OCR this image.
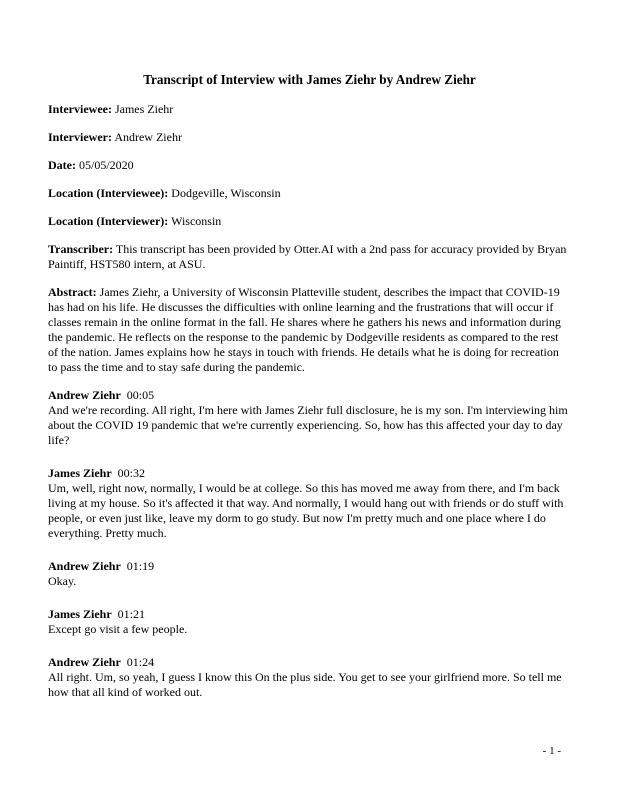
Transcript of Interview with James Ziehr by Andrew Ziehr

Interviewee: James Ziehr

Interviewer: Andrew Ziehr

Date: 05/05/2020

Location (Interviewee): Dodgeville, Wisconsin

Location (Interviewer): Wisconsin

Transcriber: This transcript has been provided by Otter.AI with a 2nd pass for accuracy provided by Bryan Paintiff, HST580 intern, at ASU.

Abstract: James Ziehr, a University of Wisconsin Platteville student, describes the impact that COVID-19 has had on his life. He discusses the difficulties with online learning and the frustrations that will occur if classes remain in the online format in the fall. He shares where he gathers his news and information during the pandemic. He reflects on the response to the pandemic by Dodgeville residents as compared to the rest of the nation. James explains how he stays in touch with friends. He details what he is doing for recreation to pass the time and to stay safe during the pandemic.

Andrew Ziehr 00:05
And we're recording. All right, I'm here with James Ziehr full disclosure, he is my son. I'm interviewing him about the COVID 19 pandemic that we're currently experiencing. So, how has this affected your day to day life?
James Ziehr 00:32
Um, well, right now, normally, I would be at college. So this has moved me away from there, and I'm back living at my house. So it's affected it that way. And normally, I would hang out with friends or do stuff with people, or even just like, leave my dorm to go study. But now I'm pretty much and one place where I do everything. Pretty much.
Andrew Ziehr 01:19
Okay.
James Ziehr 01:21
Except go visit a few people.
Andrew Ziehr 01:24
All right. Um, so yeah, I guess I know this On the plus side. You get to see your girlfriend more. So tell me how that all kind of worked out.
- 1 -
